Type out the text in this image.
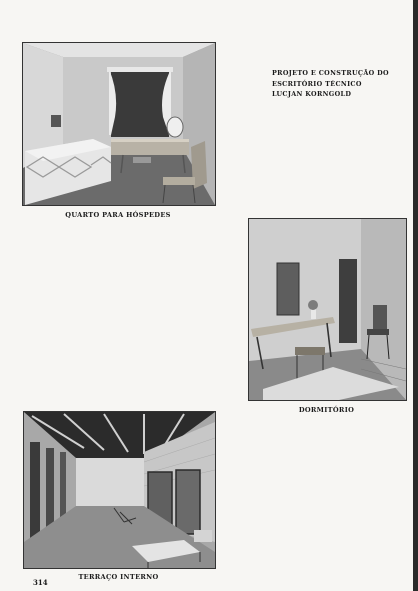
QUARTO PARA HÓSPEDES
PROJETO E CONSTRUÇÃO DO
ESCRITÓRIO TÉCNICO
LUCJAN KORNGOLD
DORMITÓRIO
TERRAÇO INTERNO
314
